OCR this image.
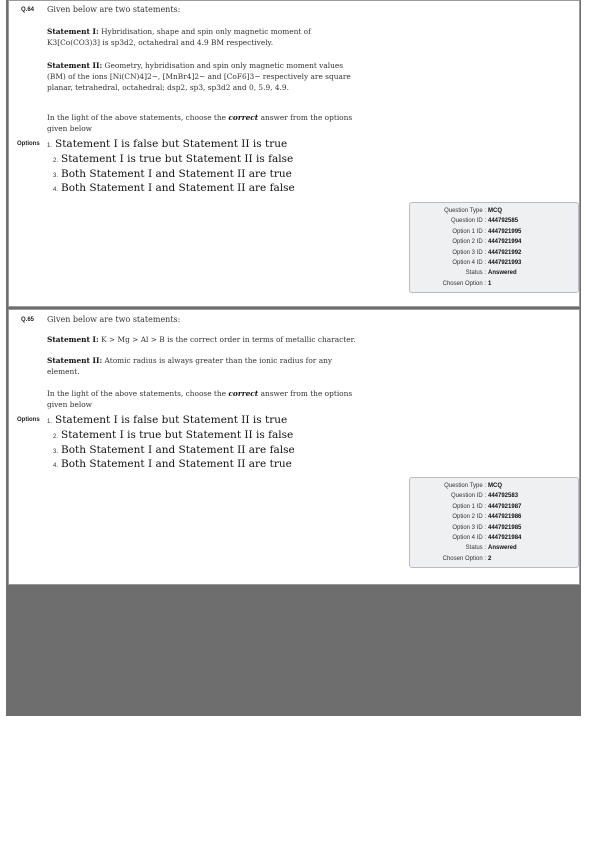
Q.64 Given below are two statements:
Statement I: Hybridisation, shape and spin only magnetic moment of
K3[Co(CO3)3] is sp3d2, octahedral and 4.9 BM respectively.
Statement II: Geometry, hybridisation and spin only magnetic moment values
(BM) of the ions [Ni(CN)4]2−, [MnBr4]2− and [CoF6]3− respectively are square
planar, tetrahedral, octahedral; dsp2, sp3, sp3d2 and 0, 5.9, 4.9.
In the light of the above statements, choose the correct answer from the options
given below
Options 1. Statement I is false but Statement II is true
2. Statement I is true but Statement II is false
3. Both Statement I and Statement II are true
4. Both Statement I and Statement II are false
Question Type : MCQ
Question ID : 444792585
Option 1 ID : 4447921995
Option 2 ID : 4447921994
Option 3 ID : 4447921992
Option 4 ID : 4447921993
Status : Answered
Chosen Option : 1
Q.65 Given below are two statements:
Statement I: K > Mg > Al > B is the correct order in terms of metallic character.
Statement II: Atomic radius is always greater than the ionic radius for any
element.
In the light of the above statements, choose the correct answer from the options
given below
Options 1. Statement I is false but Statement II is true
2. Statement I is true but Statement II is false
3. Both Statement I and Statement II are false
4. Both Statement I and Statement II are true
Question Type : MCQ
Question ID : 444792583
Option 1 ID : 4447921987
Option 2 ID : 4447921986
Option 3 ID : 4447921985
Option 4 ID : 4447921984
Status : Answered
Chosen Option : 2
